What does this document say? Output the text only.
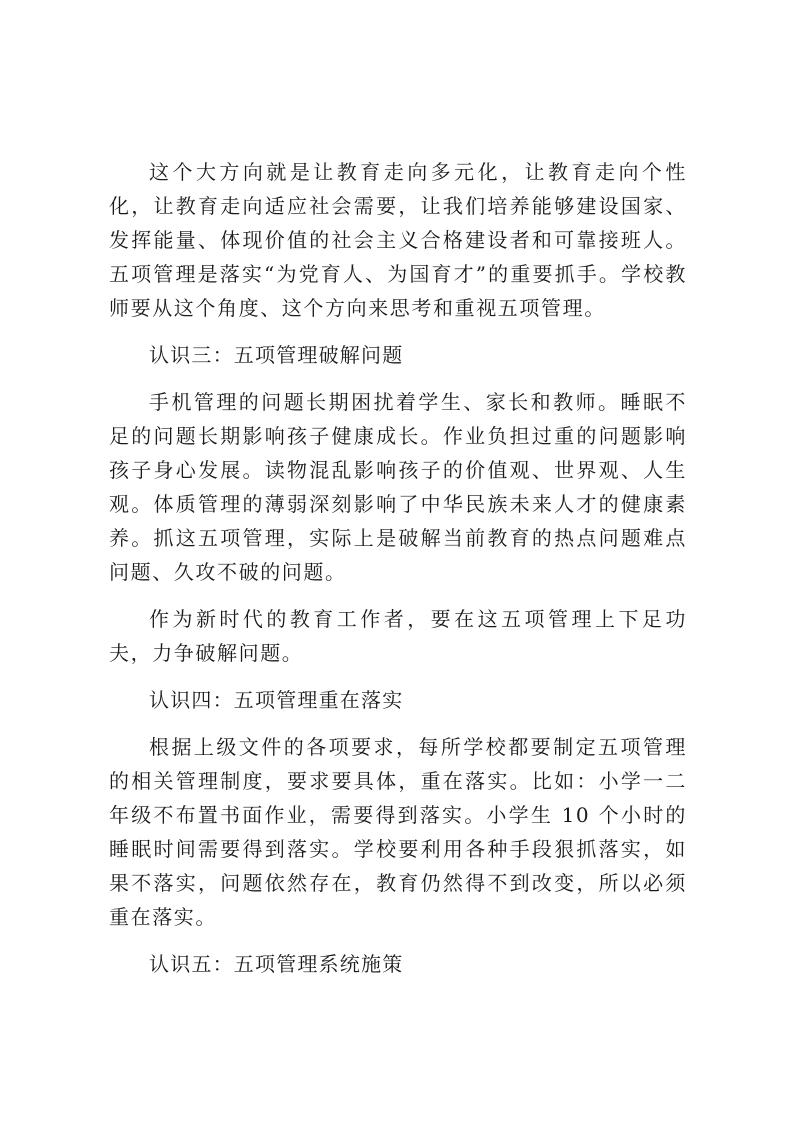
这个大方向就是让教育走向多元化，让教育走向个性化，让教育走向适应社会需要，让我们培养能够建设国家、发挥能量、体现价值的社会主义合格建设者和可靠接班人。五项管理是落实“为党育人、为国育才”的重要抓手。学校教师要从这个角度、这个方向来思考和重视五项管理。

认识三：五项管理破解问题

手机管理的问题长期困扰着学生、家长和教师。睡眠不足的问题长期影响孩子健康成长。作业负担过重的问题影响孩子身心发展。读物混乱影响孩子的价值观、世界观、人生观。体质管理的薄弱深刻影响了中华民族未来人才的健康素养。抓这五项管理，实际上是破解当前教育的热点问题难点问题、久攻不破的问题。

作为新时代的教育工作者，要在这五项管理上下足功夫，力争破解问题。

认识四：五项管理重在落实

根据上级文件的各项要求，每所学校都要制定五项管理的相关管理制度，要求要具体，重在落实。比如：小学一二年级不布置书面作业，需要得到落实。小学生 10 个小时的睡眠时间需要得到落实。学校要利用各种手段狠抓落实，如果不落实，问题依然存在，教育仍然得不到改变，所以必须重在落实。

认识五：五项管理系统施策
